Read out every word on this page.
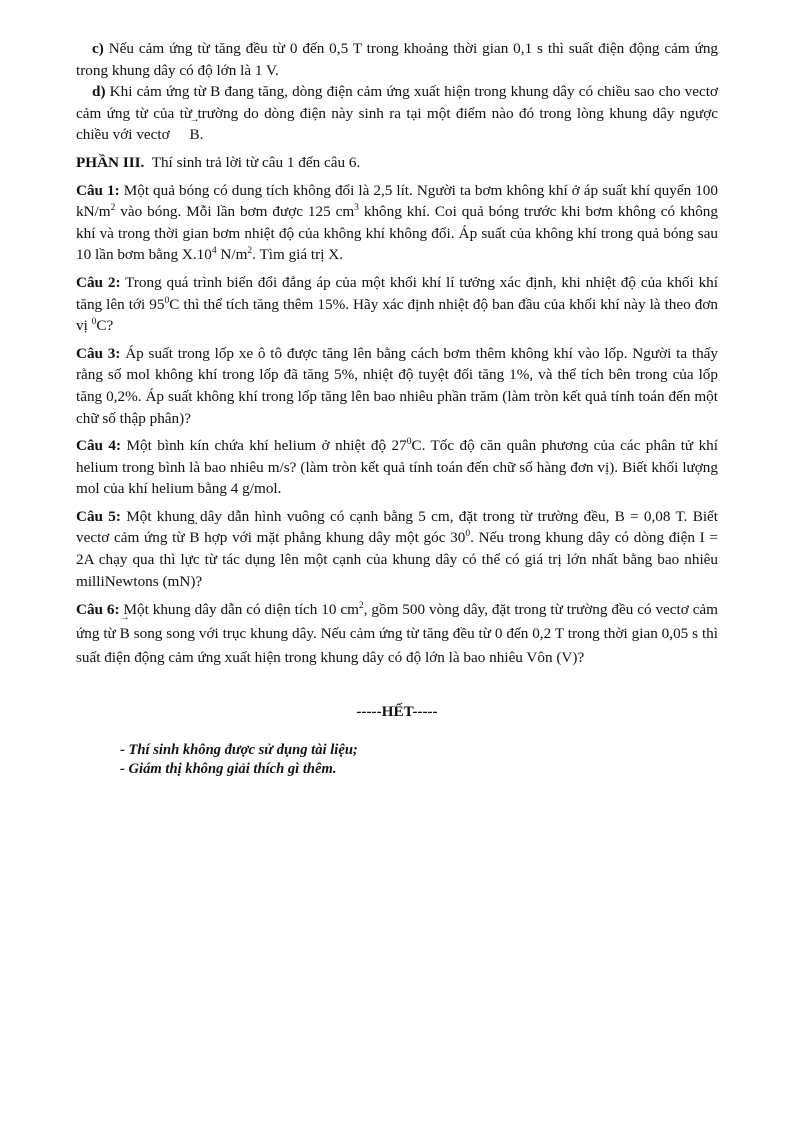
c) Nếu cảm ứng từ tăng đều từ 0 đến 0,5 T trong khoảng thời gian 0,1 s thì suất điện động cảm ứng trong khung dây có độ lớn là 1 V.

d) Khi cảm ứng từ B đang tăng, dòng điện cảm ứng xuất hiện trong khung dây có chiều sao cho vectơ cảm ứng từ của từ trường do dòng điện này sinh ra tại một điểm nào đó trong lòng khung dây ngược chiều với vectơ → B.

PHẦN III. Thí sinh trả lời từ câu 1 đến câu 6.

Câu 1: Một quả bóng có dung tích không đổi là 2,5 lít. Người ta bơm không khí ở áp suất khí quyển 100 $kN/m^2$ vào bóng. Mỗi lần bơm được 125 $cm^3$ không khí. Coi quả bóng trước khi bơm không có không khí và trong thời gian bơm nhiệt độ của không khí không đổi. Áp suất của không khí trong quả bóng sau 10 lần bơm bằng $X.10^4$ $N/m^2$. Tìm giá trị X.

Câu 2: Trong quá trình biến đổi đẳng áp của một khối khí lí tưởng xác định, khi nhiệt độ của khối khí tăng lên tới $95^0C$ thì thể tích tăng thêm 15%. Hãy xác định nhiệt độ ban đầu của khối khí này là theo đơn vị $^0$C?

Câu 3: Áp suất trong lốp xe ô tô được tăng lên bằng cách bơm thêm không khí vào lốp. Người ta thấy rằng số mol không khí trong lốp đã tăng 5%, nhiệt độ tuyệt đối tăng 1%, và thể tích bên trong của lốp tăng 0,2%. Áp suất không khí trong lốp tăng lên bao nhiêu phần trăm (làm tròn kết quả tính toán đến một chữ số thập phân)?

Câu 4: Một bình kín chứa khí helium ở nhiệt độ $27^0C$. Tốc độ căn quân phương của các phân tử khí helium trong bình là bao nhiêu m/s? (làm tròn kết quả tính toán đến chữ số hàng đơn vị). Biết khối lượng mol của khí helium bằng 4 g/mol.

Câu 5: Một khung dây dẫn hình vuông có cạnh bằng 5 cm, đặt trong từ trường đều, B = 0,08 T. Biết vectơ cảm ứng từ → B hợp với mặt phẳng khung dây một góc $30^0$. Nếu trong khung dây có dòng điện I = 2A chạy qua thì lực từ tác dụng lên một cạnh của khung dây có thể có giá trị lớn nhất bằng bao nhiêu milliNewtons (mN)?

Câu 6: Một khung dây dẫn có diện tích 10 $cm^2$, gồm 500 vòng dây, đặt trong từ trường đều có vectơ cảm ứng từ → B song song với trục khung dây. Nếu cảm ứng từ tăng đều từ 0 đến 0,2 T trong thời gian 0,05 s thì suất điện động cảm ứng xuất hiện trong khung dây có độ lớn là bao nhiêu Vôn (V)?

-----HẾT-----
- Thí sinh không được sử dụng tài liệu;
- Giám thị không giải thích gì thêm.
